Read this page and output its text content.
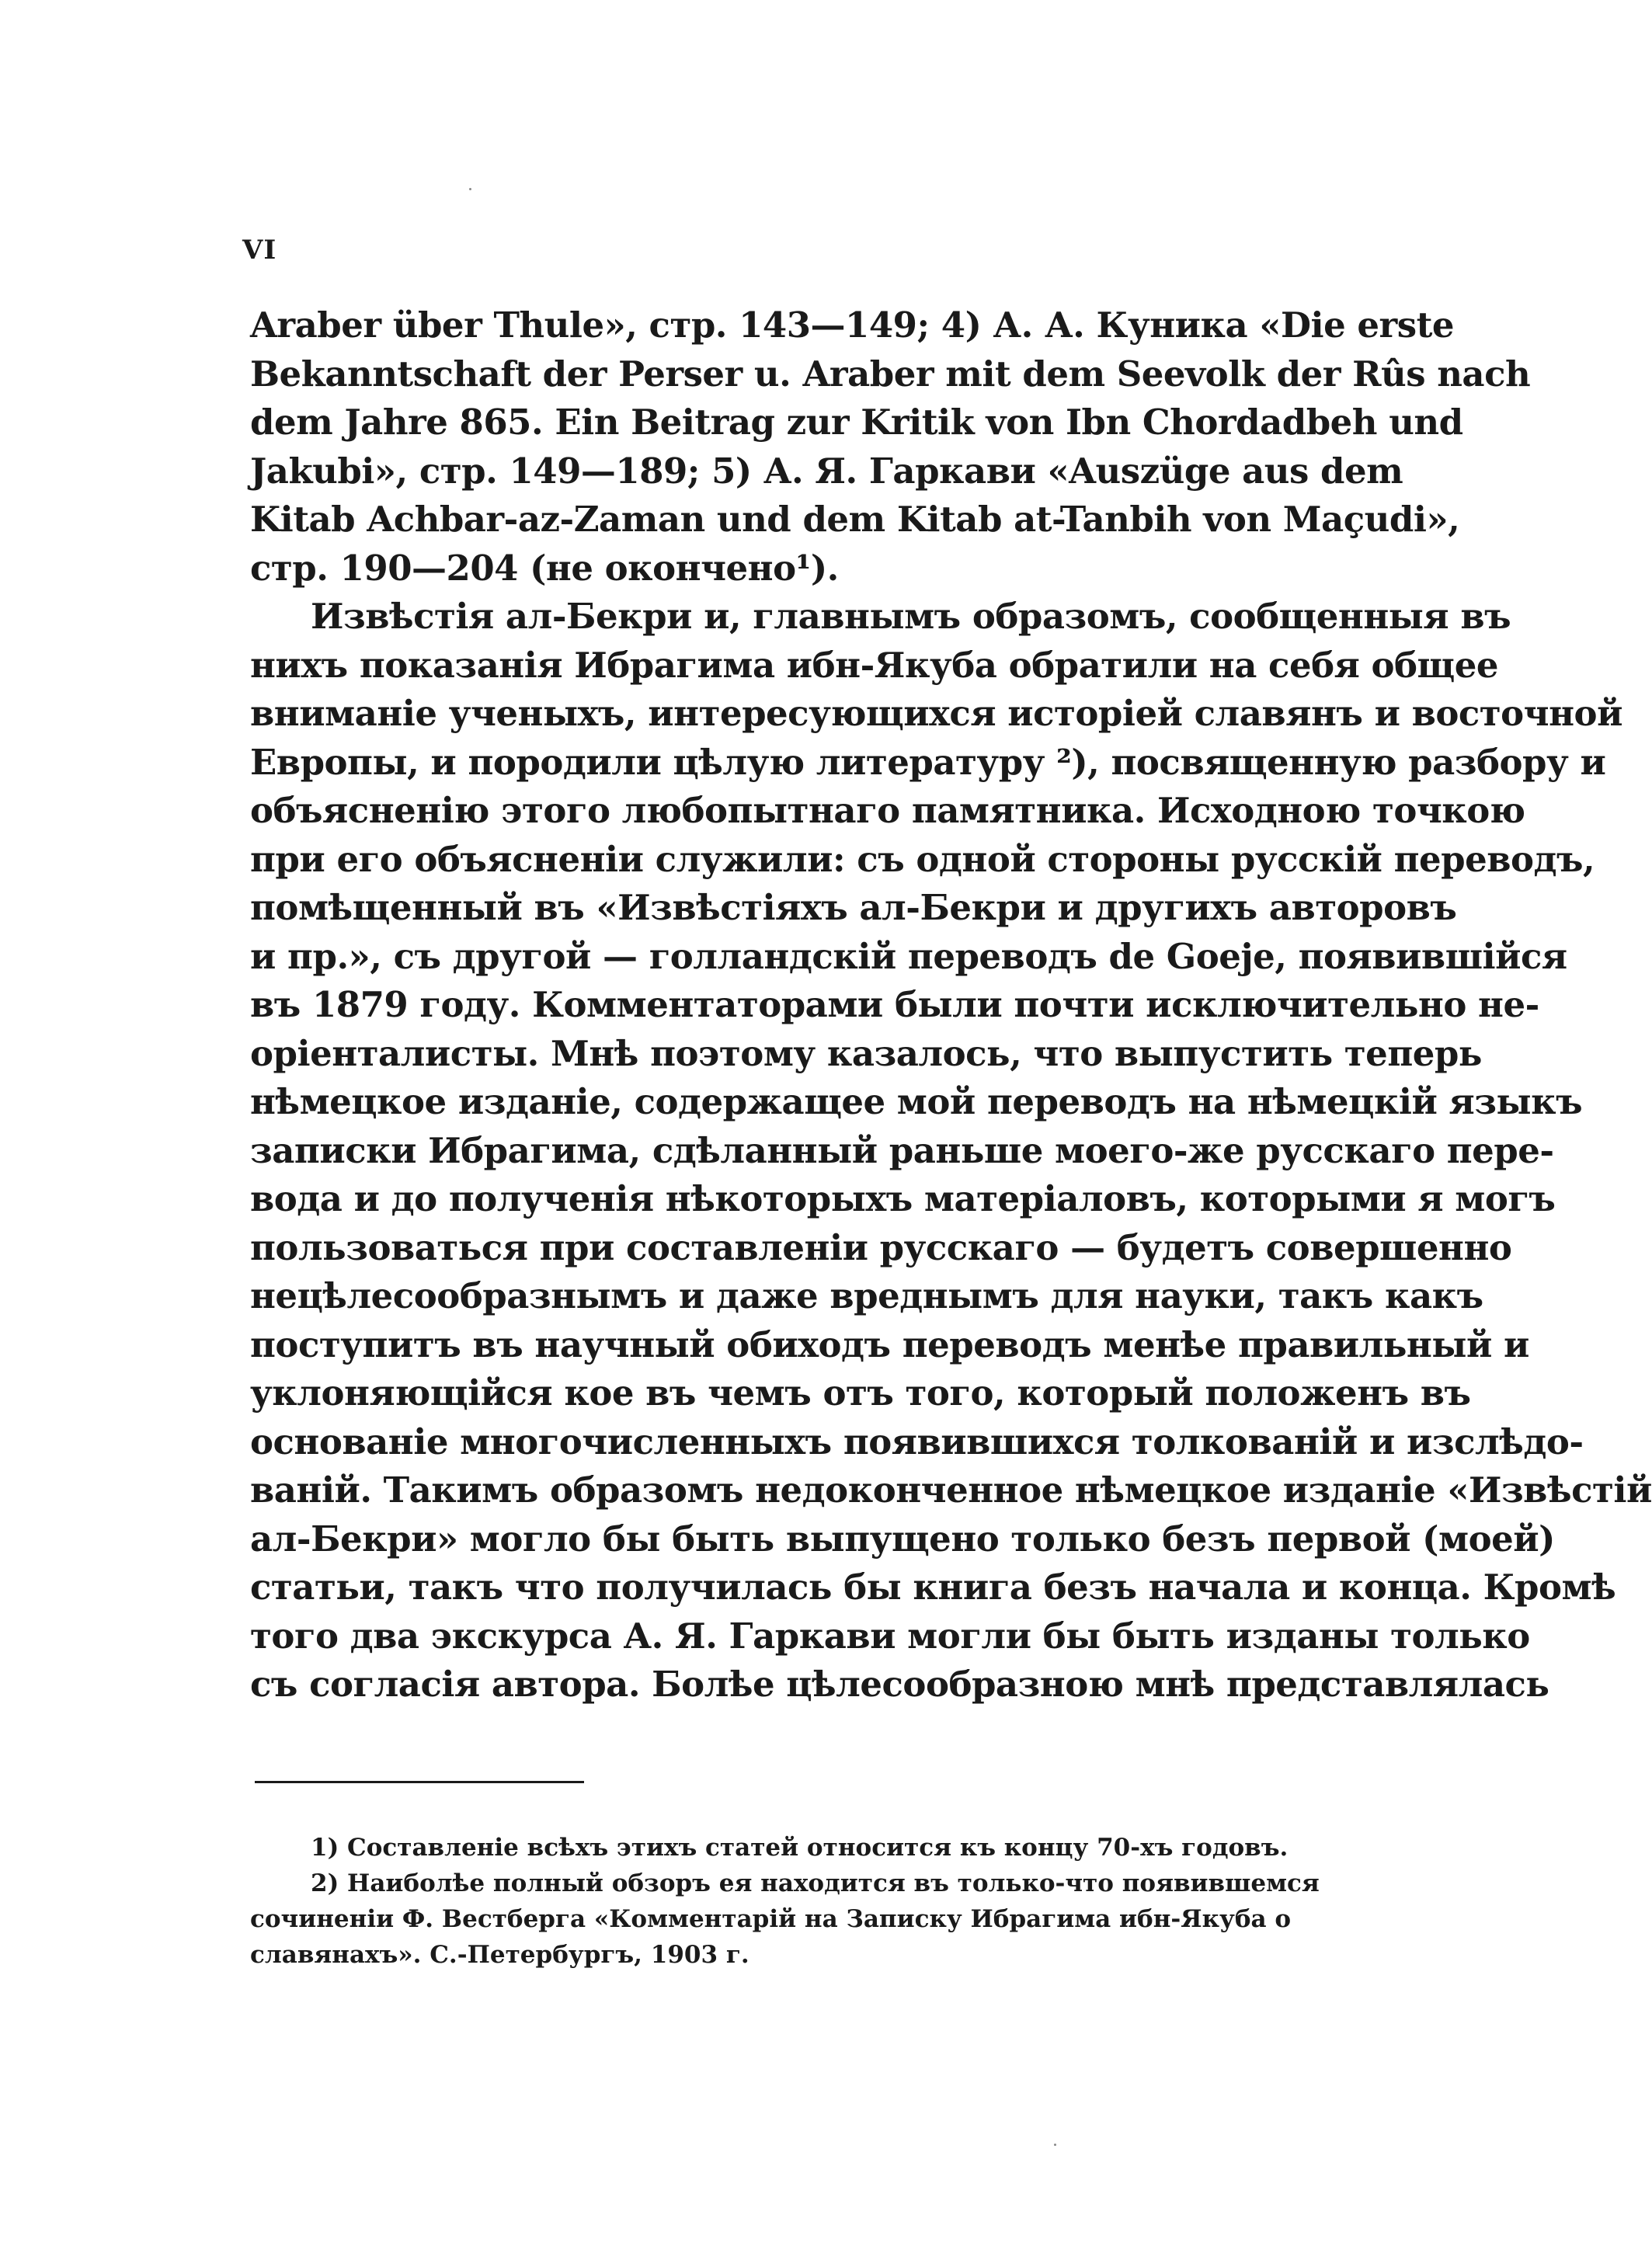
VI
Araber über Thule», стр. 143—149; 4) А. А. Куника «Die erste
Bekanntschaft der Perser u. Araber mit dem Seevolk der Rûs nach
dem Jahre 865. Ein Beitrag zur Kritik von Ibn Chordadbeh und
Jakubi», стр. 149—189; 5) А. Я. Гаркави «Auszüge aus dem
Kitab Achbar-az-Zaman und dem Kitab at-Tanbih von Maçudi»,
стр. 190—204 (не окончено¹).
Извѣстія ал-Бекри и, главнымъ образомъ, сообщенныя въ
нихъ показанія Ибрагима ибн-Якуба обратили на себя общее
вниманіе ученыхъ, интересующихся исторіей славянъ и восточной
Европы, и породили цѣлую литературу ²), посвященную разбору и
объясненію этого любопытнаго памятника. Исходною точкою
при его объясненіи служили: съ одной стороны русскій переводъ,
помѣщенный въ «Извѣстіяхъ ал-Бекри и другихъ авторовъ
и пр.», съ другой — голландскій переводъ de Goeje, появившійся
въ 1879 году. Комментаторами были почти исключительно не-
оріенталисты. Мнѣ поэтому казалось, что выпустить теперь
нѣмецкое изданіе, содержащее мой переводъ на нѣмецкій языкъ
записки Ибрагима, сдѣланный раньше моего-же русскаго пере-
вода и до полученія нѣкоторыхъ матеріаловъ, которыми я могъ
пользоваться при составленіи русскаго — будетъ совершенно
нецѣлесообразнымъ и даже вреднымъ для науки, такъ какъ
поступитъ въ научный обиходъ переводъ менѣе правильный и
уклоняющійся кое въ чемъ отъ того, который положенъ въ
основаніе многочисленныхъ появившихся толкованій и изслѣдо-
ваній. Такимъ образомъ недоконченное нѣмецкое изданіе «Извѣстій
ал-Бекри» могло бы быть выпущено только безъ первой (моей)
статьи, такъ что получилась бы книга безъ начала и конца. Кромѣ
того два экскурса А. Я. Гаркави могли бы быть изданы только
съ согласія автора. Болѣе цѣлесообразною мнѣ представлялась
1) Составленіе всѣхъ этихъ статей относится къ концу 70-хъ годовъ.
2) Наиболѣе полный обзоръ ея находится въ только-что появившемся
сочиненіи Ф. Вестберга «Комментарій на Записку Ибрагима ибн-Якуба о
славянахъ». С.-Петербургъ, 1903 г.
